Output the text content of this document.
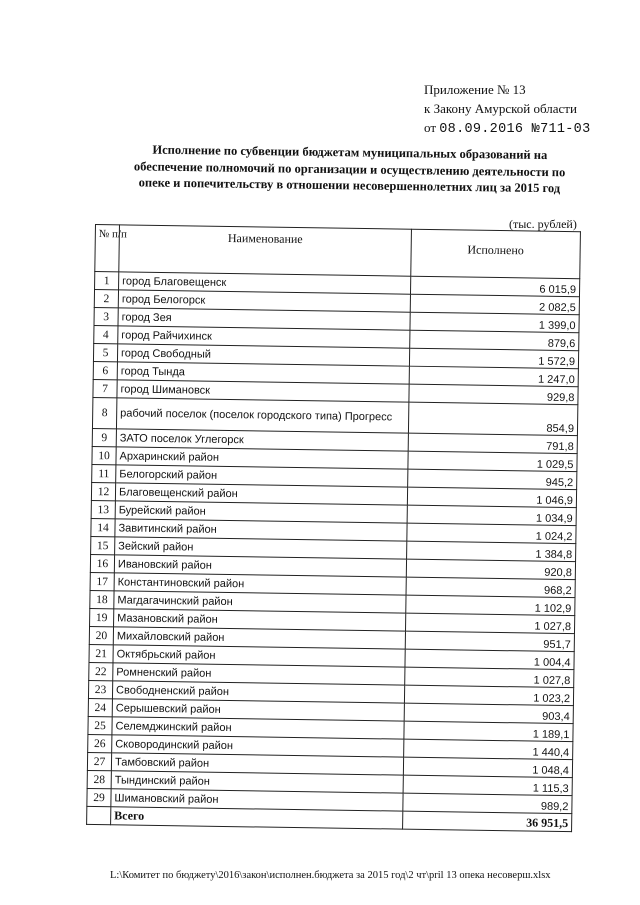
Приложение № 13
к Закону Амурской области
от 08.09.2016 №711-03
Исполнение по субвенции бюджетам муниципальных образований на
обеспечение полномочий по организации и осуществлению деятельности по
опеке и попечительству в отношении несовершеннолетних лиц за 2015 год
(тыс. рублей)
№ п/п	Наименование	Исполнено
1	город Благовещенск	6 015,9
2	город Белогорск	2 082,5
3	город Зея	1 399,0
4	город Райчихинск	879,6
5	город Свободный	1 572,9
6	город Тында	1 247,0
7	город Шимановск	929,8
8	рабочий поселок (поселок городского типа) Прогресс	854,9
9	ЗАТО поселок Углегорск	791,8
10	Архаринский район	1 029,5
11	Белогорский район	945,2
12	Благовещенский район	1 046,9
13	Бурейский район	1 034,9
14	Завитинский район	1 024,2
15	Зейский район	1 384,8
16	Ивановский район	920,8
17	Константиновский район	968,2
18	Магдагачинский район	1 102,9
19	Мазановский район	1 027,8
20	Михайловский район	951,7
21	Октябрьский район	1 004,4
22	Ромненский район	1 027,8
23	Свободненский район	1 023,2
24	Серышевский район	903,4
25	Селемджинский район	1 189,1
26	Сковородинский район	1 440,4
27	Тамбовский район	1 048,4
28	Тындинский район	1 115,3
29	Шимановский район	989,2
	Всего	36 951,5
L:\Комитет по бюджету\2016\закон\исполнен.бюджета за 2015 год\2 чт\pril 13 опека несоверш.xlsx
